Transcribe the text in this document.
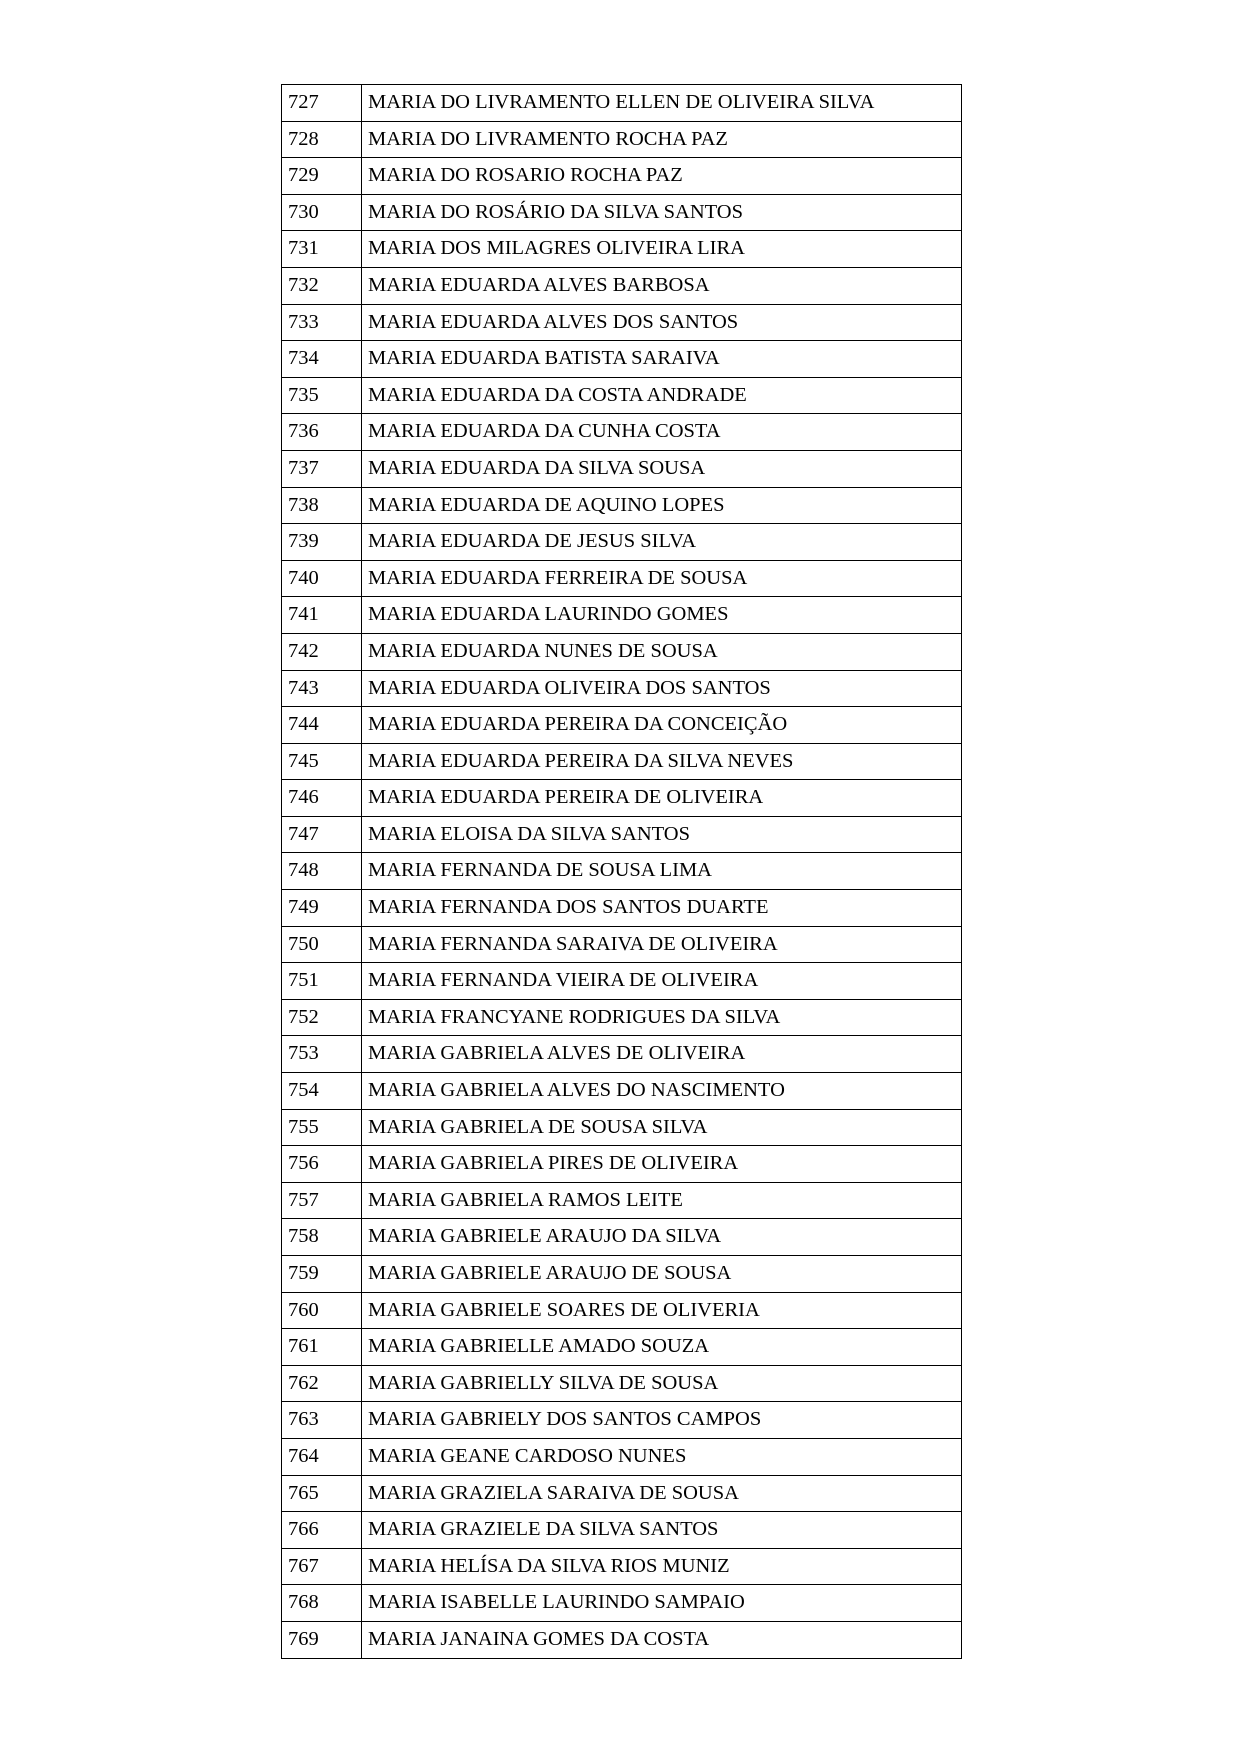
727	MARIA DO LIVRAMENTO ELLEN DE OLIVEIRA SILVA
728	MARIA DO LIVRAMENTO ROCHA PAZ
729	MARIA DO ROSARIO ROCHA PAZ
730	MARIA DO ROSÁRIO DA SILVA SANTOS
731	MARIA DOS MILAGRES OLIVEIRA LIRA
732	MARIA EDUARDA ALVES BARBOSA
733	MARIA EDUARDA ALVES DOS SANTOS
734	MARIA EDUARDA BATISTA SARAIVA
735	MARIA EDUARDA DA COSTA ANDRADE
736	MARIA EDUARDA DA CUNHA COSTA
737	MARIA EDUARDA DA SILVA SOUSA
738	MARIA EDUARDA DE AQUINO LOPES
739	MARIA EDUARDA DE JESUS SILVA
740	MARIA EDUARDA FERREIRA DE SOUSA
741	MARIA EDUARDA LAURINDO GOMES
742	MARIA EDUARDA NUNES DE SOUSA
743	MARIA EDUARDA OLIVEIRA DOS SANTOS
744	MARIA EDUARDA PEREIRA DA CONCEIÇÃO
745	MARIA EDUARDA PEREIRA DA SILVA NEVES
746	MARIA EDUARDA PEREIRA DE OLIVEIRA
747	MARIA ELOISA DA SILVA SANTOS
748	MARIA FERNANDA DE SOUSA LIMA
749	MARIA FERNANDA DOS SANTOS DUARTE
750	MARIA FERNANDA SARAIVA DE OLIVEIRA
751	MARIA FERNANDA VIEIRA DE OLIVEIRA
752	MARIA FRANCYANE RODRIGUES DA SILVA
753	MARIA GABRIELA ALVES DE OLIVEIRA
754	MARIA GABRIELA ALVES DO NASCIMENTO
755	MARIA GABRIELA DE SOUSA SILVA
756	MARIA GABRIELA PIRES DE OLIVEIRA
757	MARIA GABRIELA RAMOS LEITE
758	MARIA GABRIELE ARAUJO DA SILVA
759	MARIA GABRIELE ARAUJO DE SOUSA
760	MARIA GABRIELE SOARES DE OLIVERIA
761	MARIA GABRIELLE AMADO SOUZA
762	MARIA GABRIELLY SILVA DE SOUSA
763	MARIA GABRIELY DOS SANTOS CAMPOS
764	MARIA GEANE CARDOSO NUNES
765	MARIA GRAZIELA SARAIVA DE SOUSA
766	MARIA GRAZIELE DA SILVA SANTOS
767	MARIA HELÍSA DA SILVA RIOS MUNIZ
768	MARIA ISABELLE LAURINDO SAMPAIO
769	MARIA JANAINA GOMES DA COSTA
